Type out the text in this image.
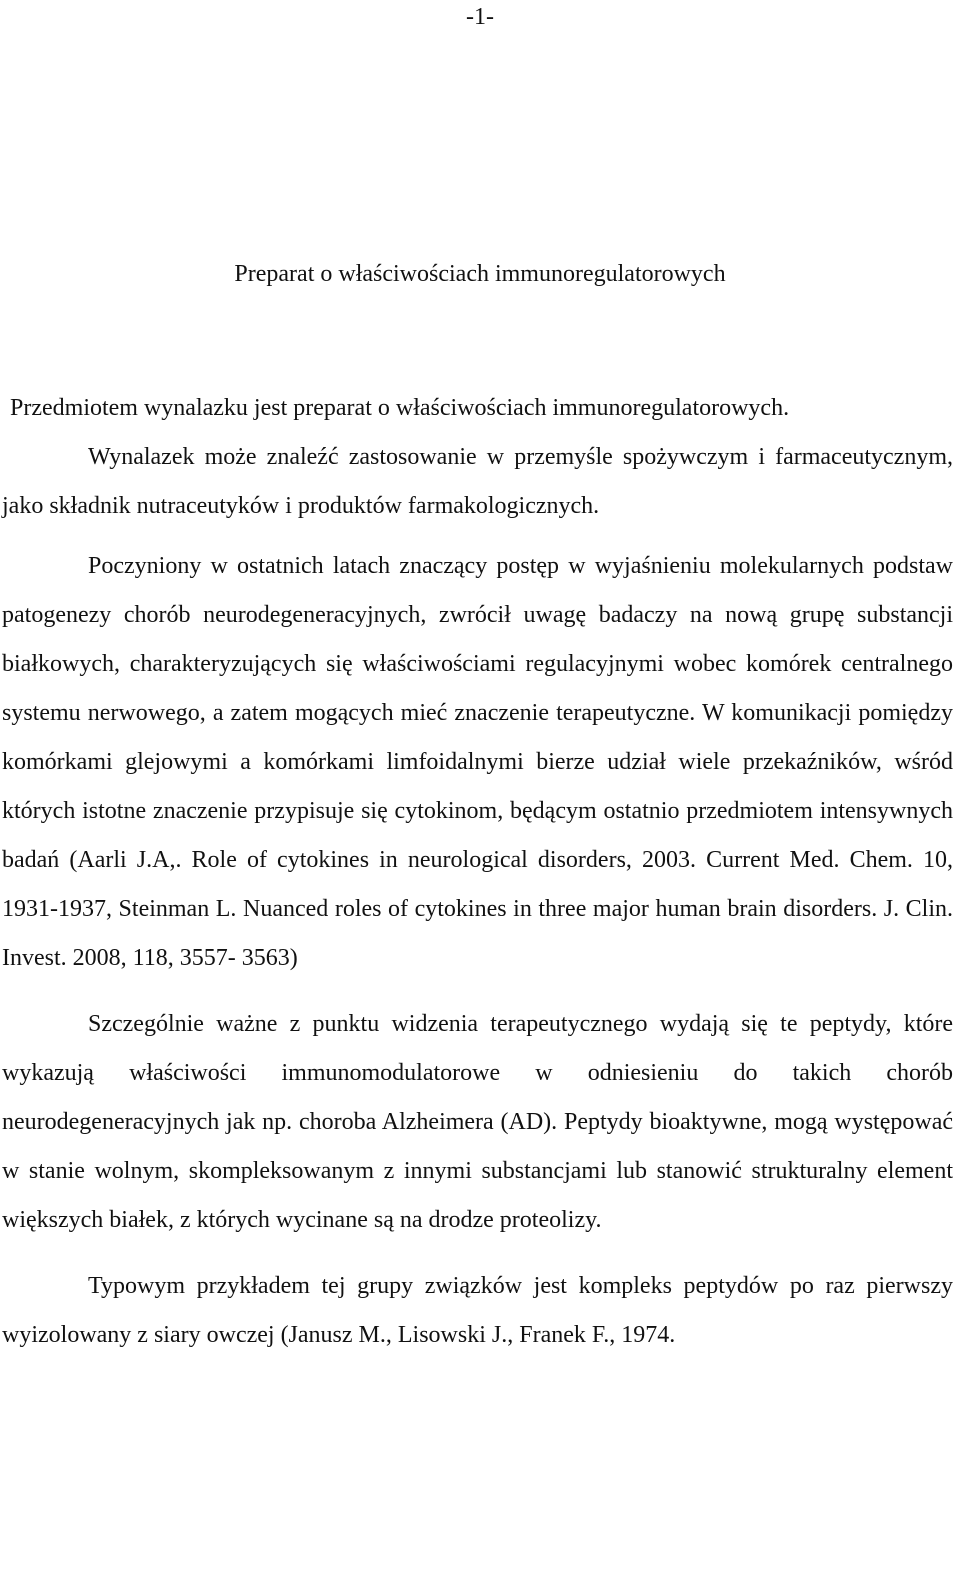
-1-
Preparat o właściwościach immunoregulatorowych

Przedmiotem wynalazku jest preparat o właściwościach immunoregulatorowych.

Wynalazek może znaleźć zastosowanie w przemyśle spożywczym i farmaceutycznym, jako składnik nutraceutyków i produktów farmakologicznych.

Poczyniony w ostatnich latach znaczący postęp w wyjaśnieniu molekularnych podstaw patogenezy chorób neurodegeneracyjnych, zwrócił uwagę badaczy na nową grupę substancji białkowych, charakteryzujących się właściwościami regulacyjnymi wobec komórek centralnego systemu nerwowego, a zatem mogących mieć znaczenie terapeutyczne. W komunikacji pomiędzy komórkami glejowymi a komórkami limfoidalnymi bierze udział wiele przekaźników, wśród których istotne znaczenie przypisuje się cytokinom, będącym ostatnio przedmiotem intensywnych badań (Aarli J.A,. Role of cytokines in neurological disorders, 2003. Current Med. Chem. 10, 1931-1937, Steinman L. Nuanced roles of cytokines in three major human brain disorders. J. Clin. Invest. 2008, 118, 3557- 3563)

Szczególnie ważne z punktu widzenia terapeutycznego wydają się te peptydy, które wykazują właściwości immunomodulatorowe w odniesieniu do takich chorób neurodegeneracyjnych jak np. choroba Alzheimera (AD). Peptydy bioaktywne, mogą występować w stanie wolnym, skompleksowanym z innymi substancjami lub stanowić strukturalny element większych białek, z których wycinane są na drodze proteolizy.

Typowym przykładem tej grupy związków jest kompleks peptydów po raz pierwszy wyizolowany z siary owczej (Janusz M., Lisowski J., Franek F., 1974.
